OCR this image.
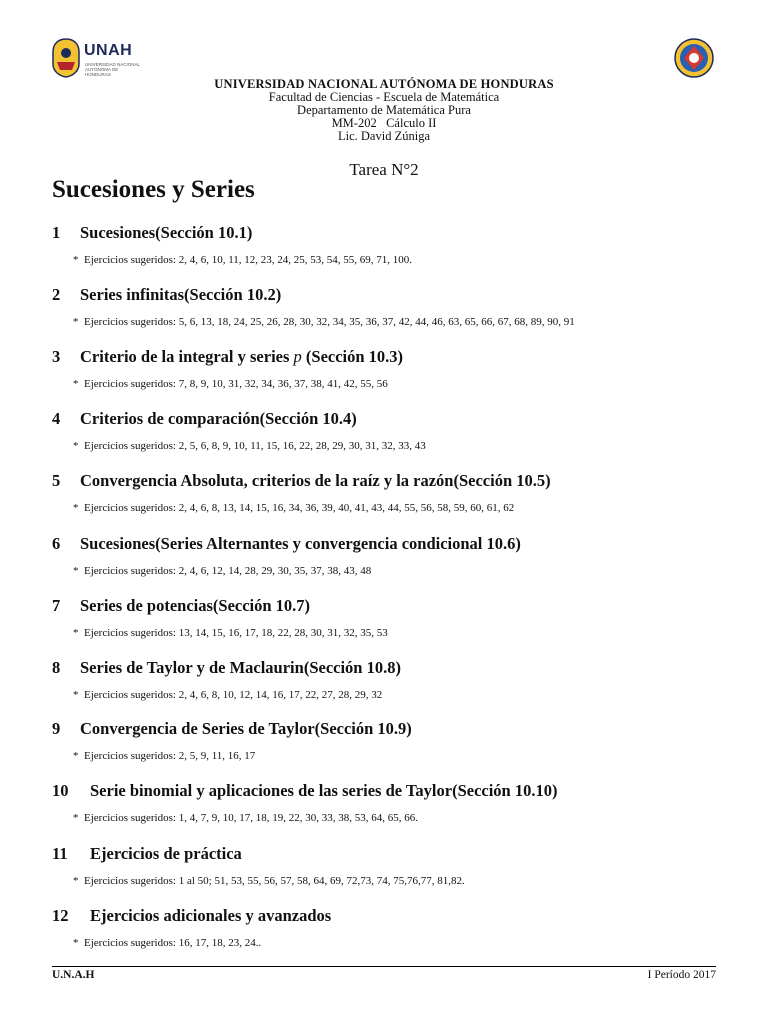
UNAH
UNIVERSIDAD NACIONAL AUTÓNOMA DE HONDURAS
UNIVERSIDAD NACIONAL AUTÓNOMA DE HONDURAS
Facultad de Ciencias - Escuela de Matemática
Departamento de Matemática Pura
MM-202   Cálculo II
Lic. David Zúniga
Tarea N°2
Sucesiones y Series
1 Sucesiones(Sección 10.1)
* Ejercicios sugeridos: 2, 4, 6, 10, 11, 12, 23, 24, 25, 53, 54, 55, 69, 71, 100.
2 Series infinitas(Sección 10.2)
* Ejercicios sugeridos: 5, 6, 13, 18, 24, 25, 26, 28, 30, 32, 34, 35, 36, 37, 42, 44, 46, 63, 65, 66, 67, 68, 89, 90, 91
3 Criterio de la integral y series p (Sección 10.3)
* Ejercicios sugeridos: 7, 8, 9, 10, 31, 32, 34, 36, 37, 38, 41, 42, 55, 56
4 Criterios de comparación(Sección 10.4)
* Ejercicios sugeridos: 2, 5, 6, 8, 9, 10, 11, 15, 16, 22, 28, 29, 30, 31, 32, 33, 43
5 Convergencia Absoluta, criterios de la raíz y la razón(Sección 10.5)
* Ejercicios sugeridos: 2, 4, 6, 8, 13, 14, 15, 16, 34, 36, 39, 40, 41, 43, 44, 55, 56, 58, 59, 60, 61, 62
6 Sucesiones(Series Alternantes y convergencia condicional 10.6)
* Ejercicios sugeridos: 2, 4, 6, 12, 14, 28, 29, 30, 35, 37, 38, 43, 48
7 Series de potencias(Sección 10.7)
* Ejercicios sugeridos: 13, 14, 15, 16, 17, 18, 22, 28, 30, 31, 32, 35, 53
8 Series de Taylor y de Maclaurin(Sección 10.8)
* Ejercicios sugeridos: 2, 4, 6, 8, 10, 12, 14, 16, 17, 22, 27, 28, 29, 32
9 Convergencia de Series de Taylor(Sección 10.9)
* Ejercicios sugeridos: 2, 5, 9, 11, 16, 17
10 Serie binomial y aplicaciones de las series de Taylor(Sección 10.10)
* Ejercicios sugeridos: 1, 4, 7, 9, 10, 17, 18, 19, 22, 30, 33, 38, 53, 64, 65, 66.
11 Ejercicios de práctica
* Ejercicios sugeridos: 1 al 50; 51, 53, 55, 56, 57, 58, 64, 69, 72,73, 74, 75,76,77, 81,82.
12 Ejercicios adicionales y avanzados
* Ejercicios sugeridos: 16, 17, 18, 23, 24..
U.N.A.H	I Período 2017
